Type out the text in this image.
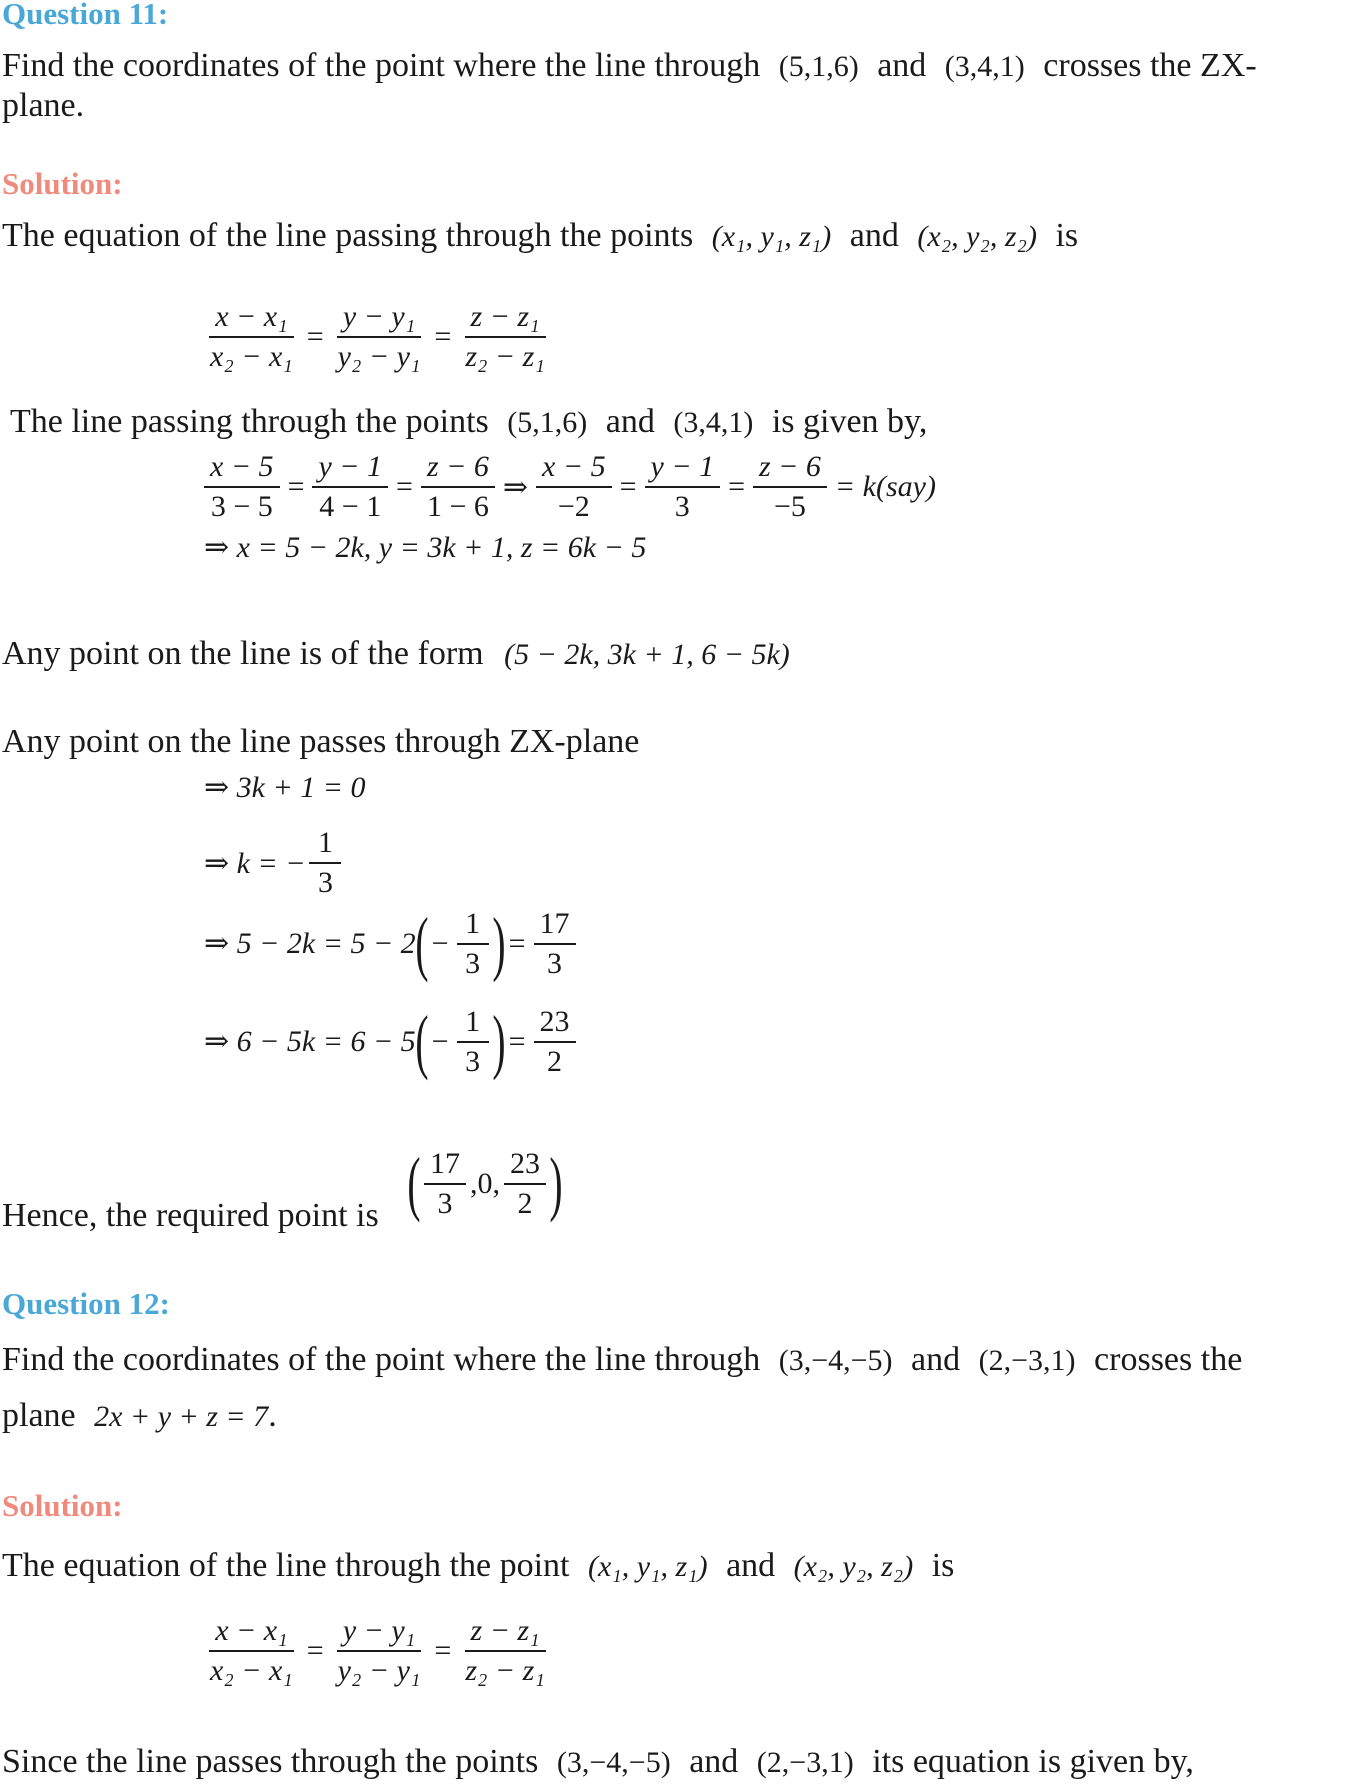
Question 11:
Find the coordinates of the point where the line through (5,1,6) and (3,4,1) crosses the ZX-
plane.
Solution:
The equation of the line passing through the points (x₁, y₁, z₁) and (x₂, y₂, z₂) is
$\frac{\text{x − x₁}}{\text{x₂ − x₁}} = \frac{\text{y − y₁}}{\text{y₂ − y₁}} = \frac{\text{z − z₁}}{\text{z₂ − z₁}}$
The line passing through the points (5,1,6) and (3,4,1) is given by,
$\frac{x - 5}{3 - 5} = \frac{y - 1}{4 - 1} = \frac{z - 6}{1 - 6}$ ⇒ $\frac{x - 5}{-2} = \frac{y - 1}{3} = \frac{z - 6}{-5} = k(say)$
⇒ x = 5 − 2k, y = 3k + 1, z = 6k − 5
Any point on the line is of the form (5 − 2k, 3k + 1, 6 − 5k)
Any point on the line passes through ZX-plane
⇒ 3k + 1 = 0
⇒ k = − $\frac{1}{3}$
⇒ 5 − 2k = 5 − 2 ( − $\frac{1}{3}$ ) = $\frac{17}{3}$
⇒ 6 − 5k = 6 − 5 ( − $\frac{1}{3}$ ) = $\frac{23}{2}$
Hence, the required point is ( $\frac{17}{3} ,0$, $\frac{23}{2}$ )
Question 12:
Find the coordinates of the point where the line through (3,−4,−5) and (2,−3,1) crosses the
plane 2x + y + z = 7.
Solution:
The equation of the line through the point (x₁, y₁, z₁) and (x₂, y₂, z₂) is
$\frac{\text{x − x₁}}{\text{x₂ − x₁}} = \frac{\text{y − y₁}}{\text{y₂ − y₁}} = \frac{\text{z − z₁}}{\text{z₂ − z₁}}$
Since the line passes through the points (3,−4,−5) and (2,−3,1) its equation is given by,
